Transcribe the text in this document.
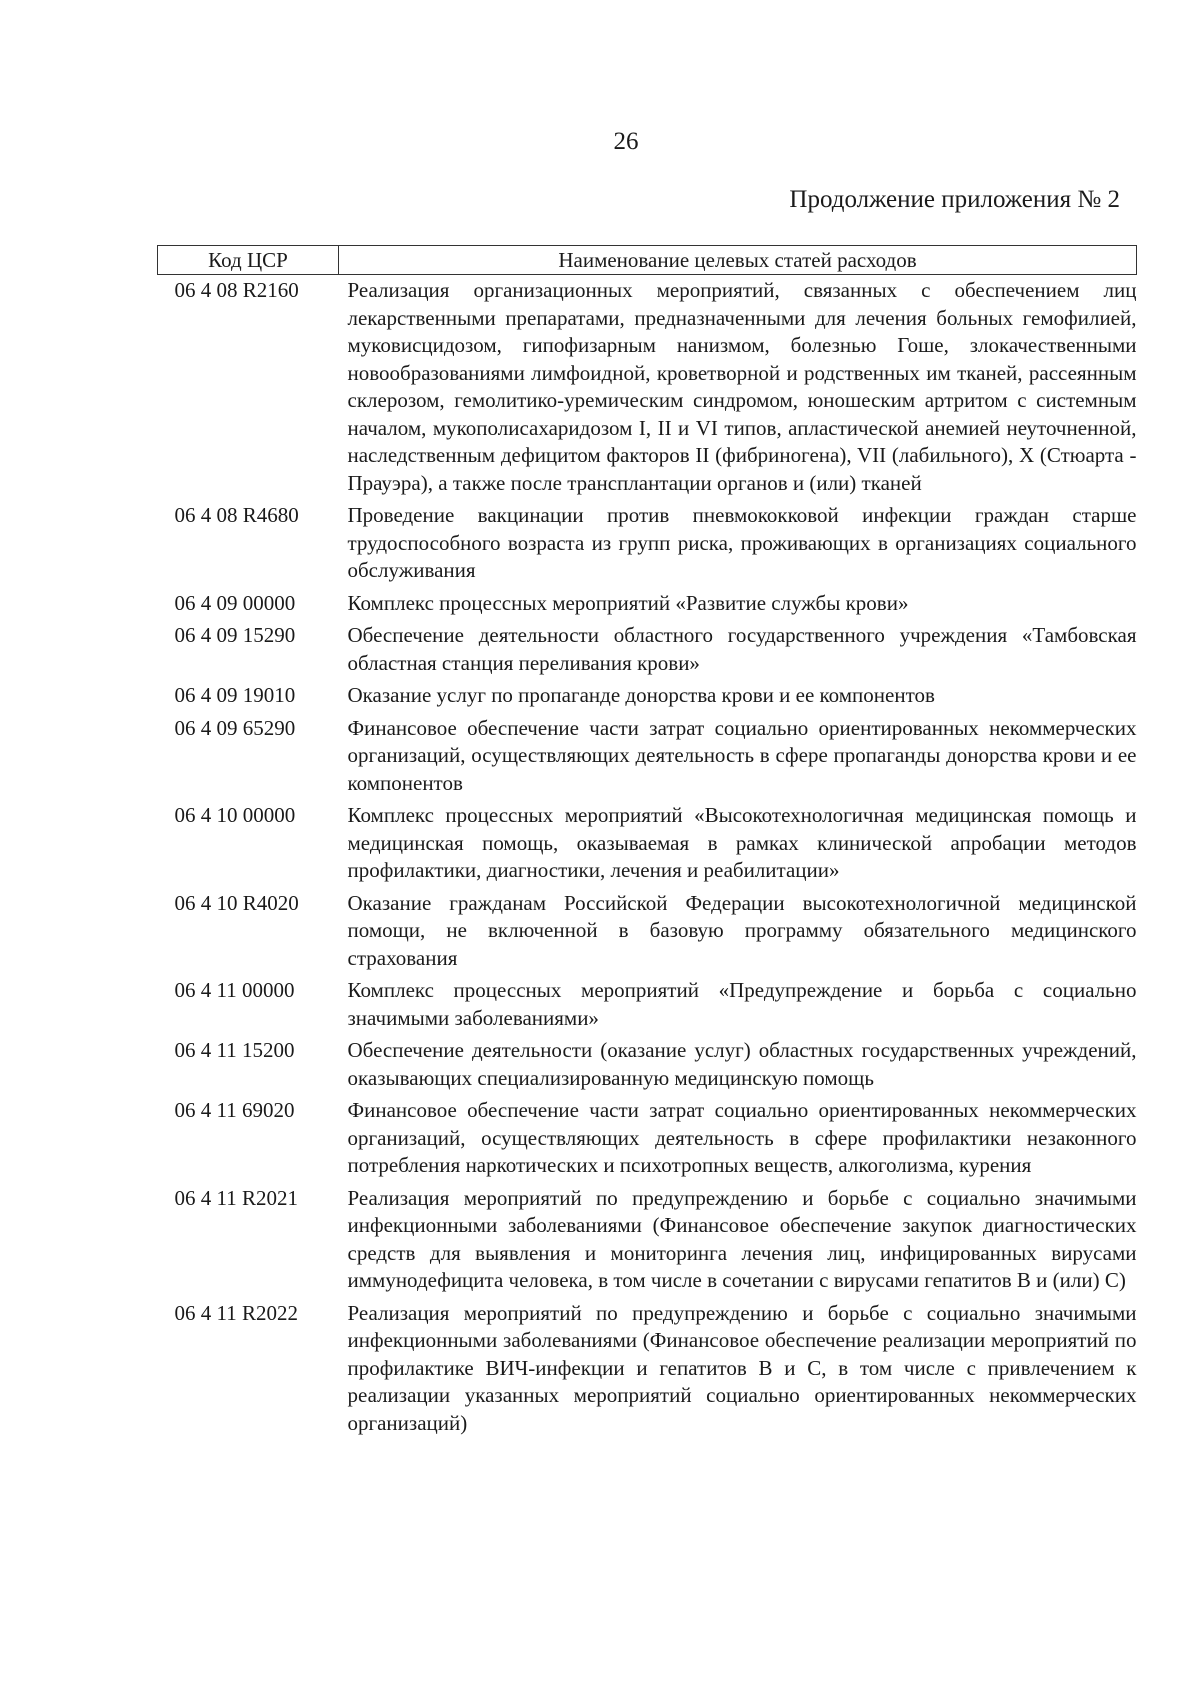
26
Продолжение приложения № 2
Код ЦСР	Наименование целевых статей расходов
06 4 08 R2160	Реализация организационных мероприятий, связанных с обеспечением лиц лекарственными препаратами, предназначенными для лечения больных гемофилией, муковисцидозом, гипофизарным нанизмом, болезнью Гоше, злокачественными новообразованиями лимфоидной, кроветворной и родственных им тканей, рассеянным склерозом, гемолитико-уремическим синдромом, юношеским артритом с системным началом, мукополисахаридозом I, II и VI типов, апластической анемией неуточненной, наследственным дефицитом факторов II (фибриногена), VII (лабильного), X (Стюарта - Прауэра), а также после трансплантации органов и (или) тканей
06 4 08 R4680	Проведение вакцинации против пневмококковой инфекции граждан старше трудоспособного возраста из групп риска, проживающих в организациях социального обслуживания
06 4 09 00000	Комплекс процессных мероприятий «Развитие службы крови»
06 4 09 15290	Обеспечение деятельности областного государственного учреждения «Тамбовская областная станция переливания крови»
06 4 09 19010	Оказание услуг по пропаганде донорства крови и ее компонентов
06 4 09 65290	Финансовое обеспечение части затрат социально ориентированных некоммерческих организаций, осуществляющих деятельность в сфере пропаганды донорства крови и ее компонентов
06 4 10 00000	Комплекс процессных мероприятий «Высокотехнологичная медицинская помощь и медицинская помощь, оказываемая в рамках клинической апробации методов профилактики, диагностики, лечения и реабилитации»
06 4 10 R4020	Оказание гражданам Российской Федерации высокотехнологичной медицинской помощи, не включенной в базовую программу обязательного медицинского страхования
06 4 11 00000	Комплекс процессных мероприятий «Предупреждение и борьба с социально значимыми заболеваниями»
06 4 11 15200	Обеспечение деятельности (оказание услуг) областных государственных учреждений, оказывающих специализированную медицинскую помощь
06 4 11 69020	Финансовое обеспечение части затрат социально ориентированных некоммерческих организаций, осуществляющих деятельность в сфере профилактики незаконного потребления наркотических и психотропных веществ, алкоголизма, курения
06 4 11 R2021	Реализация мероприятий по предупреждению и борьбе с социально значимыми инфекционными заболеваниями (Финансовое обеспечение закупок диагностических средств для выявления и мониторинга лечения лиц, инфицированных вирусами иммунодефицита человека, в том числе в сочетании с вирусами гепатитов B и (или) C)
06 4 11 R2022	Реализация мероприятий по предупреждению и борьбе с социально значимыми инфекционными заболеваниями (Финансовое обеспечение реализации мероприятий по профилактике ВИЧ-инфекции и гепатитов B и C, в том числе с привлечением к реализации указанных мероприятий социально ориентированных некоммерческих организаций)
